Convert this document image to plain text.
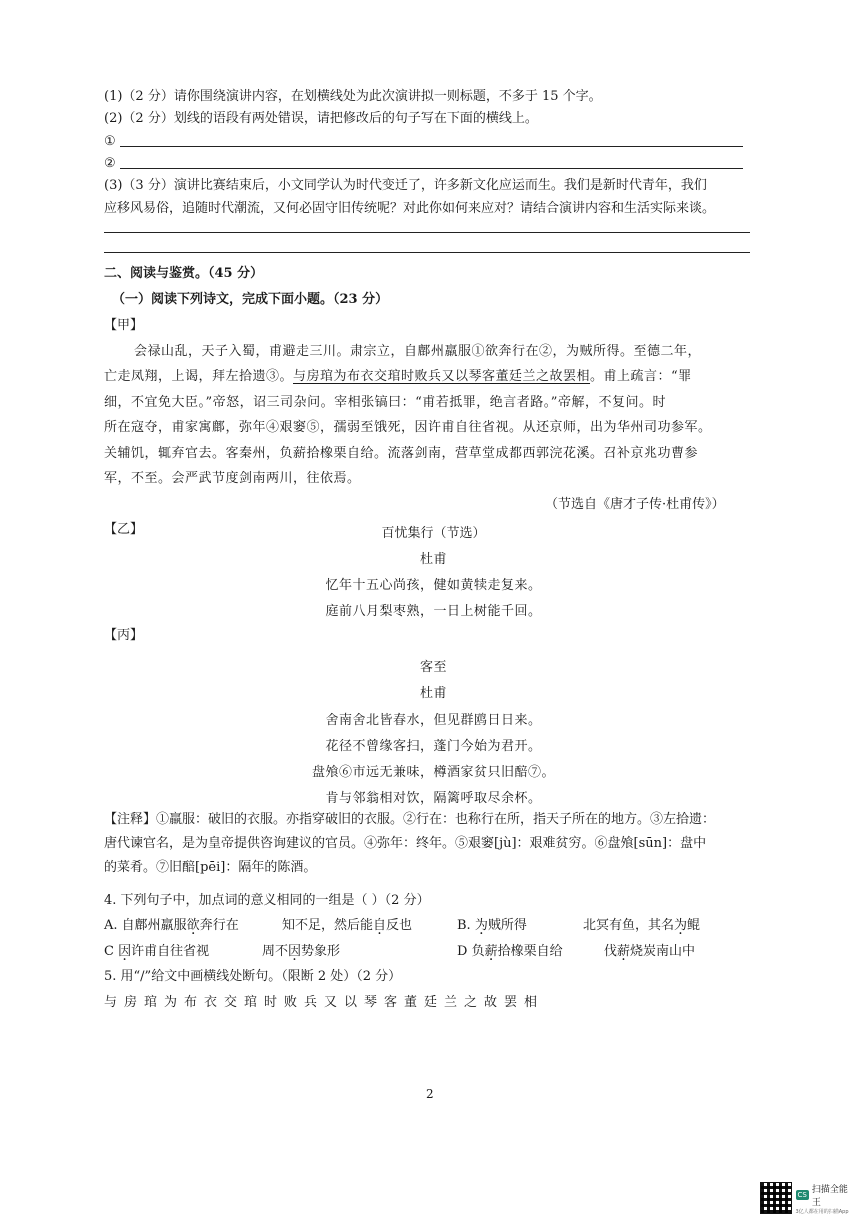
(1)（2 分）请你围绕演讲内容，在划横线处为此次演讲拟一则标题，不多于 15 个字。
(2)（2 分）划线的语段有两处错误，请把修改后的句子写在下面的横线上。
①
②
(3)（3 分）演讲比赛结束后，小文同学认为时代变迁了，许多新文化应运而生。我们是新时代青年，我们
应移风易俗，追随时代潮流，又何必固守旧传统呢？对此你如何来应对？请结合演讲内容和生活实际来谈。
二、阅读与鉴赏。（45 分）
（一）阅读下列诗文，完成下面小题。（23 分）
【甲】
会禄山乱，天子入蜀，甫避走三川。肃宗立，自鄜州羸服①欲奔行在②，为贼所得。至德二年，
亡走凤翔，上谒，拜左拾遗③。与房琯为布衣交琯时败兵又以琴客董廷兰之故罢相。甫上疏言：“罪
细，不宜免大臣。”帝怒，诏三司杂问。宰相张镐曰：“甫若抵罪，绝言者路。”帝解，不复问。时
所在寇夺，甫家寓鄜，弥年④艰窭⑤，孺弱至饿死，因许甫自往省视。从还京师，出为华州司功参军。
关辅饥，辄弃官去。客秦州，负薪拾橡栗自给。流落剑南，营草堂成都西郭浣花溪。召补京兆功曹参
军，不至。会严武节度剑南两川，往依焉。
（节选自《唐才子传·杜甫传》）
【乙】	百忧集行（节选）
杜甫
忆年十五心尚孩，健如黄犊走复来。
庭前八月梨枣熟，一日上树能千回。
【丙】
客至
杜甫
舍南舍北皆春水，但见群鸥日日来。
花径不曾缘客扫，蓬门今始为君开。
盘飧⑥市远无兼味，樽酒家贫只旧醅⑦。
肯与邻翁相对饮，隔篱呼取尽余杯。
【注释】①羸服：破旧的衣服。亦指穿破旧的衣服。②行在：也称行在所，指天子所在的地方。③左拾遗：
唐代谏官名，是为皇帝提供咨询建议的官员。④弥年：终年。⑤艰窭[jù]：艰难贫穷。⑥盘飧[sūn]：盘中
的菜肴。⑦旧醅[pēi]：隔年的陈酒。
4. 下列句子中，加点词的意义相同的一组是（ ）（2 分）
A. 自鄜州羸服欲奔行在	知不足，然后能自反也	B. 为贼所得	北冥有鱼，其名为鲲
C 因许甫自往省视	周不因势象形	D 负薪拾橡栗自给	伐薪烧炭南山中
5. 用“/”给文中画横线处断句。（限断 2 处）（2 分）
与房琯为布衣交琯时败兵又以琴客董廷兰之故罢相
2
CS 扫描全能王
3亿人都在用的扫描App
